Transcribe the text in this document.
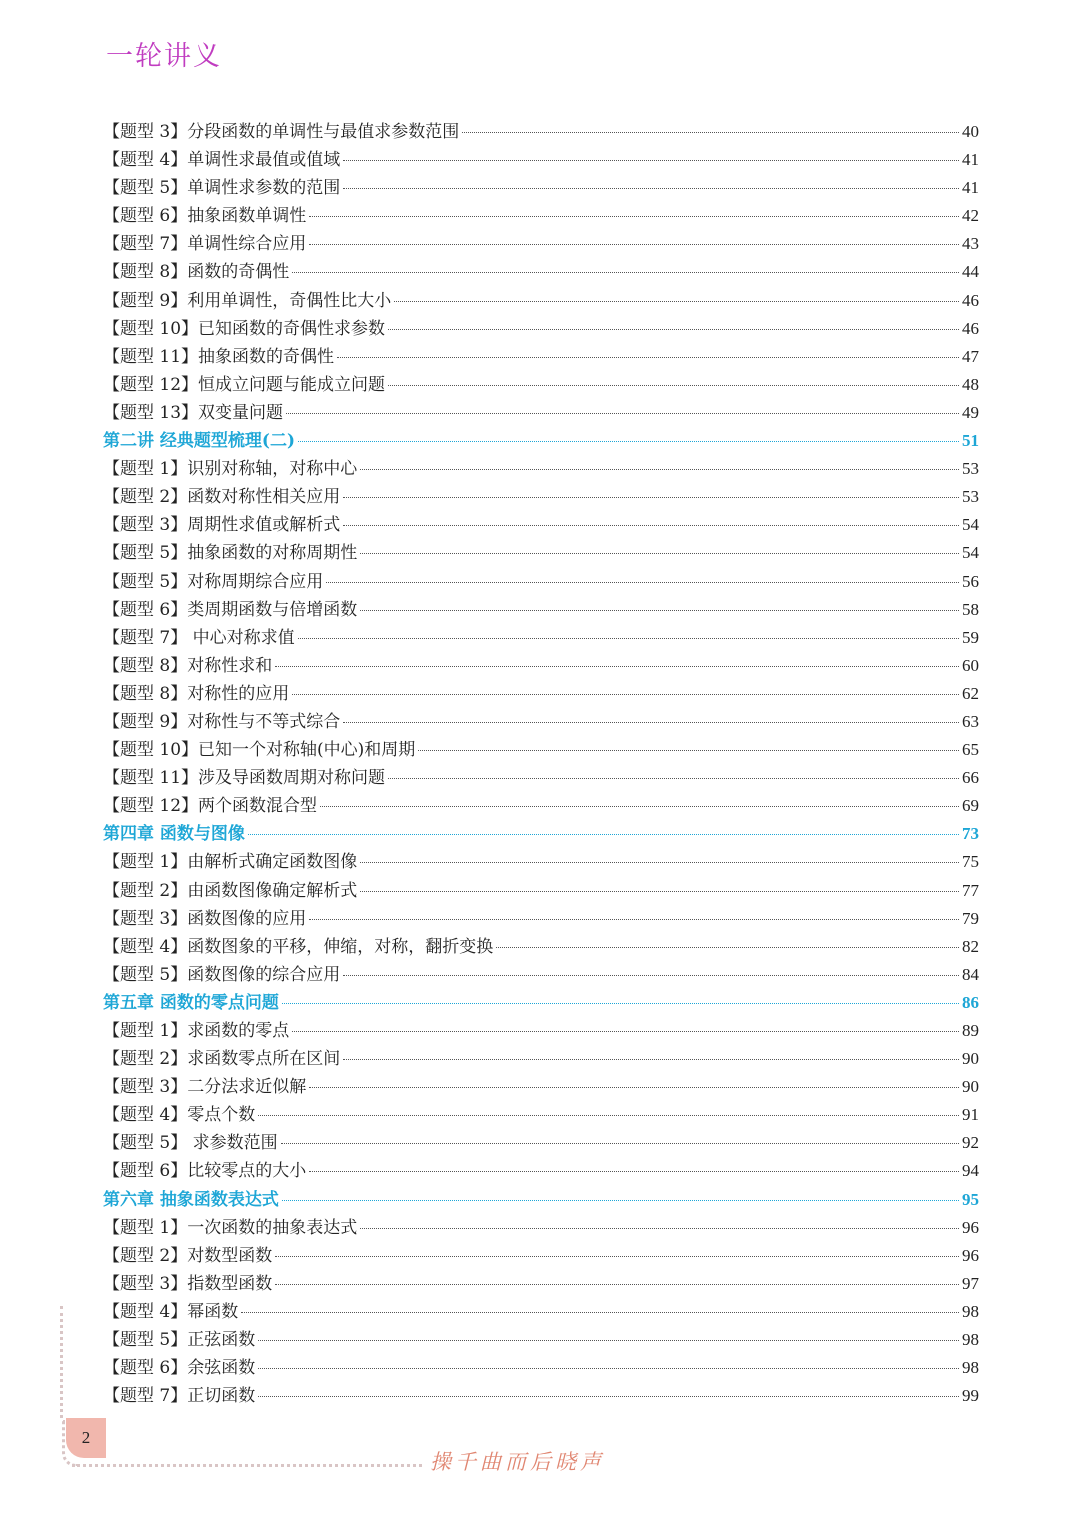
一轮讲义
【题型 3】分段函数的单调性与最值求参数范围	40
【题型 4】单调性求最值或值域	41
【题型 5】单调性求参数的范围	41
【题型 6】抽象函数单调性	42
【题型 7】单调性综合应用	43
【题型 8】函数的奇偶性	44
【题型 9】利用单调性，奇偶性比大小	46
【题型 10】已知函数的奇偶性求参数	46
【题型 11】抽象函数的奇偶性	47
【题型 12】恒成立问题与能成立问题	48
【题型 13】双变量问题	49
第二讲 经典题型梳理(二)	51
【题型 1】识别对称轴，对称中心	53
【题型 2】函数对称性相关应用	53
【题型 3】周期性求值或解析式	54
【题型 5】抽象函数的对称周期性	54
【题型 5】对称周期综合应用	56
【题型 6】类周期函数与倍增函数	58
【题型 7】 中心对称求值	59
【题型 8】对称性求和	60
【题型 8】对称性的应用	62
【题型 9】对称性与不等式综合	63
【题型 10】已知一个对称轴(中心)和周期	65
【题型 11】涉及导函数周期对称问题	66
【题型 12】两个函数混合型	69
第四章 函数与图像	73
【题型 1】由解析式确定函数图像	75
【题型 2】由函数图像确定解析式	77
【题型 3】函数图像的应用	79
【题型 4】函数图象的平移，伸缩，对称，翻折变换	82
【题型 5】函数图像的综合应用	84
第五章 函数的零点问题	86
【题型 1】求函数的零点	89
【题型 2】求函数零点所在区间	90
【题型 3】二分法求近似解	90
【题型 4】零点个数	91
【题型 5】 求参数范围	92
【题型 6】比较零点的大小	94
第六章 抽象函数表达式	95
【题型 1】一次函数的抽象表达式	96
【题型 2】对数型函数	96
【题型 3】指数型函数	97
【题型 4】幂函数	98
【题型 5】正弦函数	98
【题型 6】余弦函数	98
【题型 7】正切函数	99
2
操千曲而后晓声
